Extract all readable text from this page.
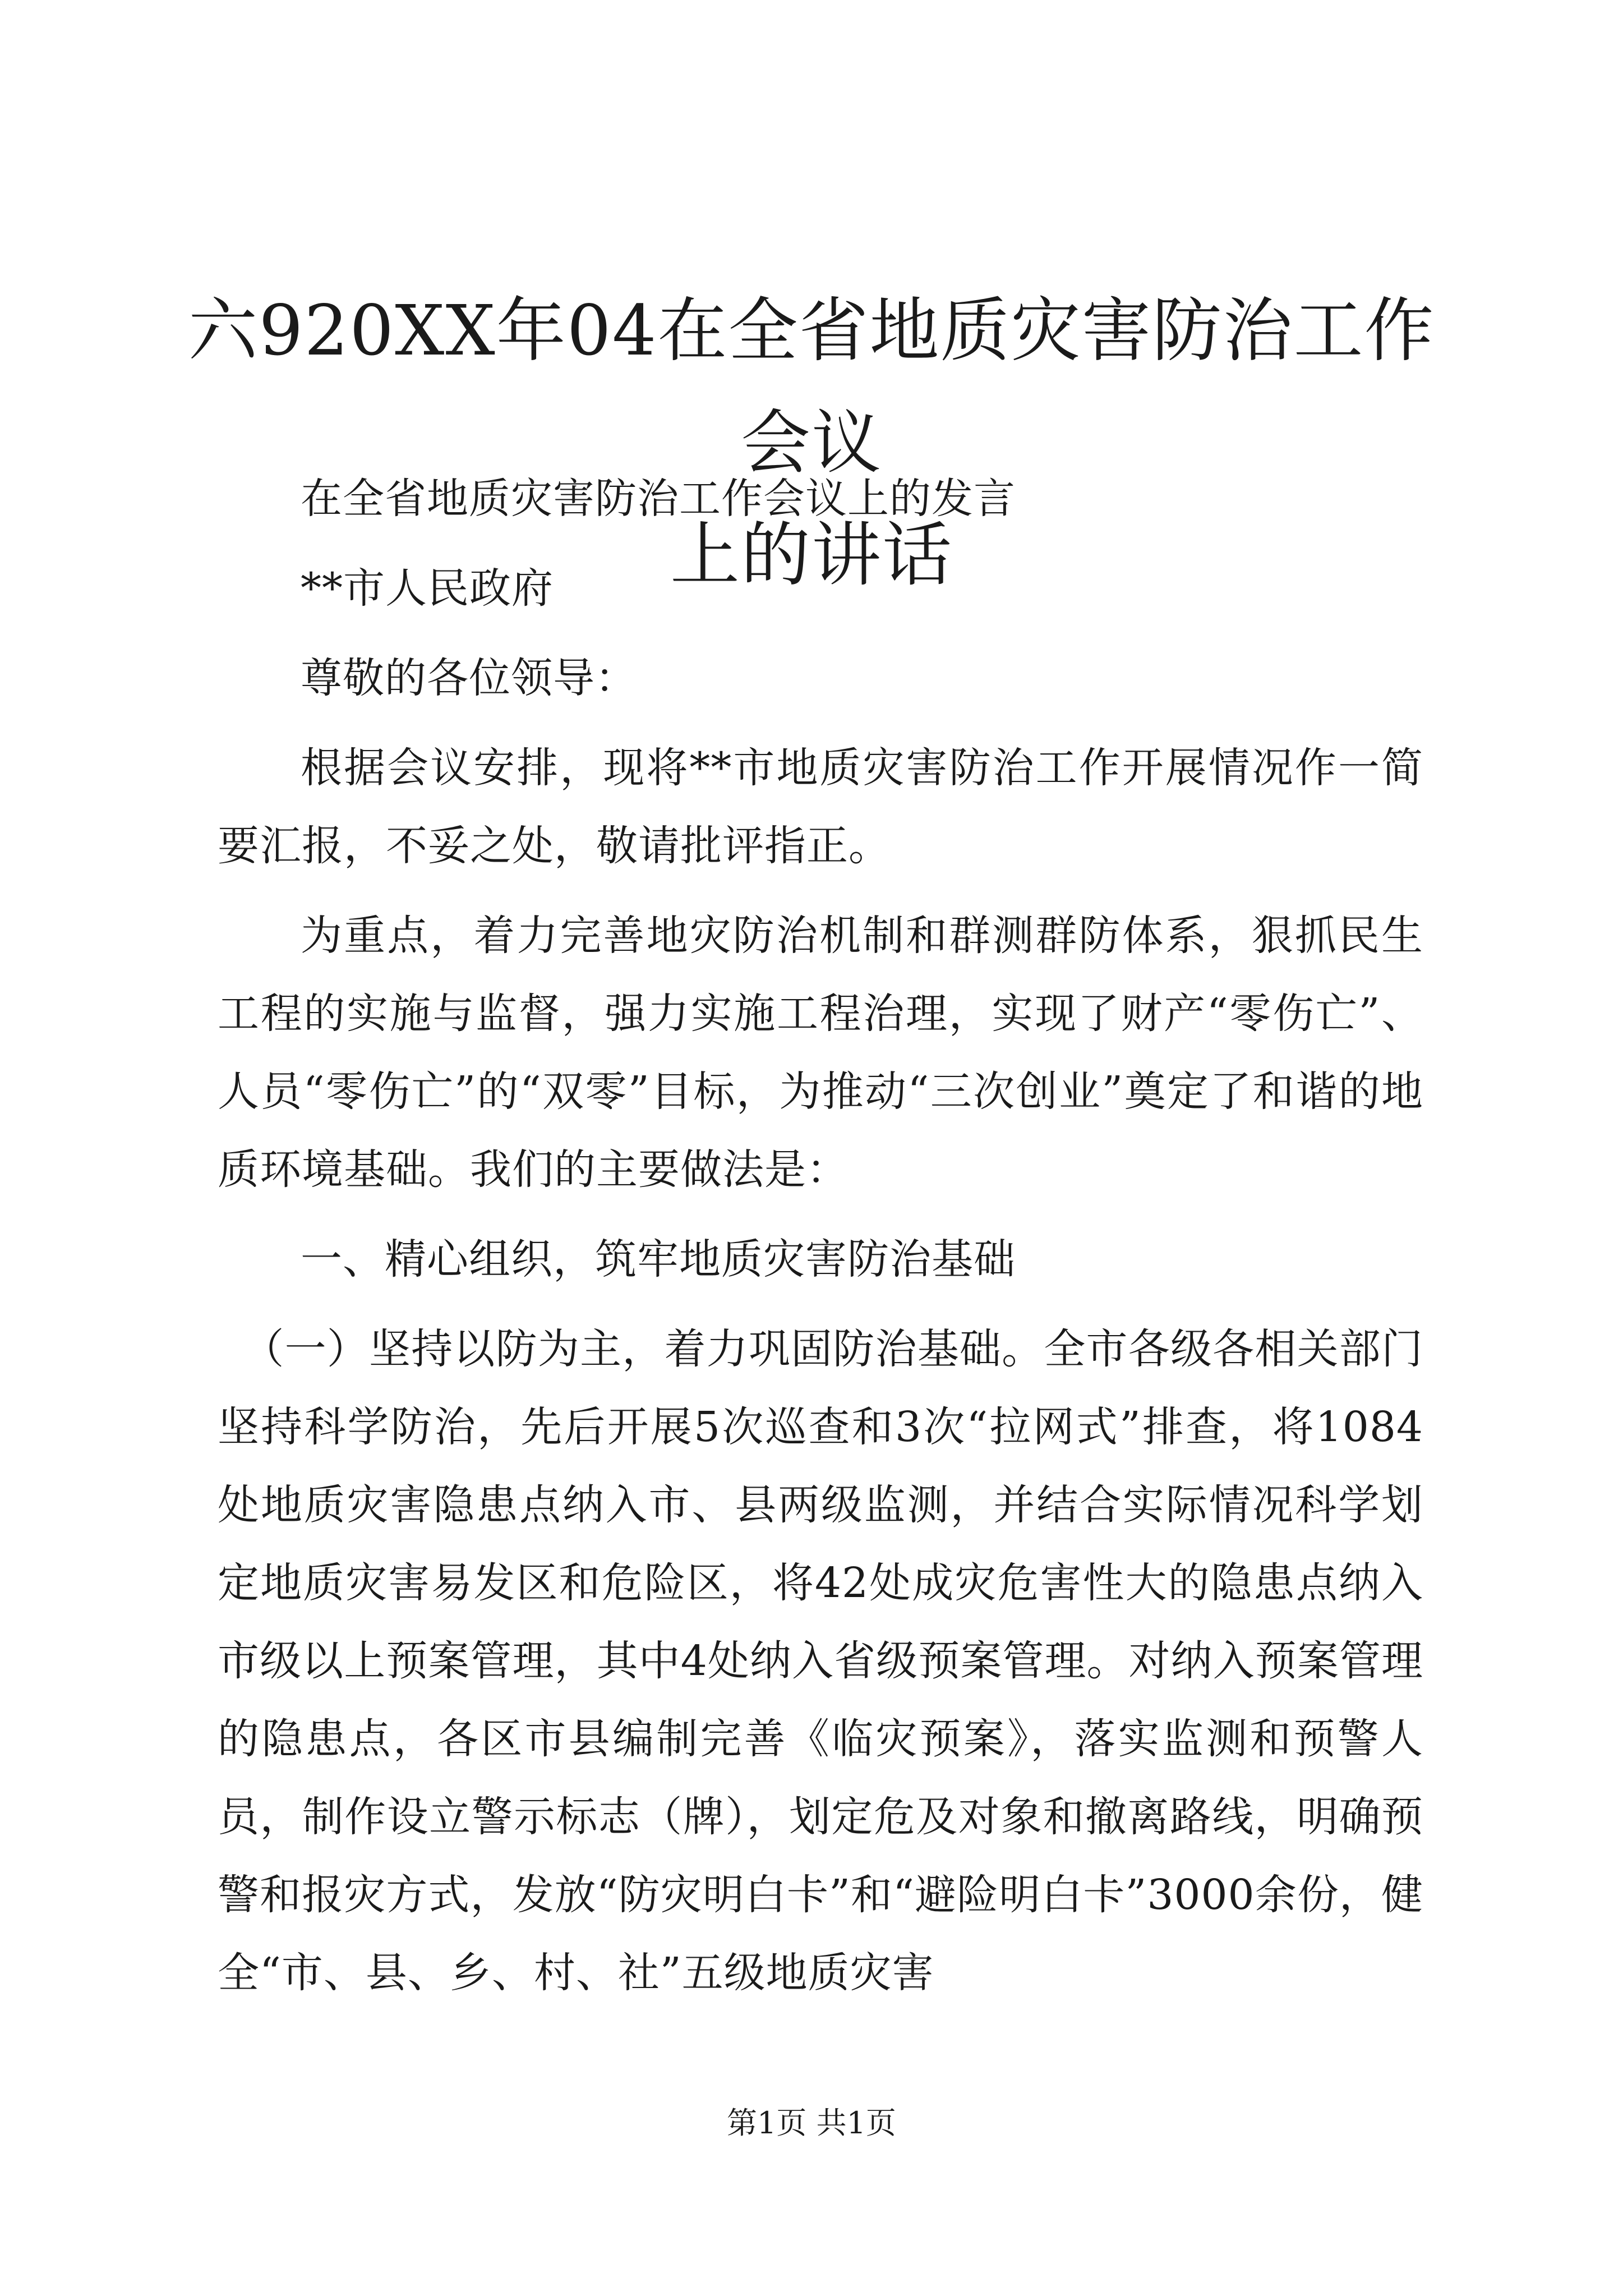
六920XX年04在全省地质灾害防治工作会议
上的讲话

在全省地质灾害防治工作会议上的发言

**市人民政府

尊敬的各位领导：

根据会议安排，现将**市地质灾害防治工作开展情况作一简要汇报，不妥之处，敬请批评指正。

为重点，着力完善地灾防治机制和群测群防体系，狠抓民生工程的实施与监督，强力实施工程治理，实现了财产“零伤亡”、人员“零伤亡”的“双零”目标，为推动“三次创业”奠定了和谐的地质环境基础。我们的主要做法是：

一、精心组织，筑牢地质灾害防治基础

（一）坚持以防为主，着力巩固防治基础。全市各级各相关部门坚持科学防治，先后开展5次巡查和3次“拉网式”排查，将1084处地质灾害隐患点纳入市、县两级监测，并结合实际情况科学划定地质灾害易发区和危险区，将42处成灾危害性大的隐患点纳入市级以上预案管理，其中4处纳入省级预案管理。对纳入预案管理的隐患点，各区市县编制完善《临灾预案》，落实监测和预警人员，制作设立警示标志（牌），划定危及对象和撤离路线，明确预警和报灾方式，发放“防灾明白卡”和“避险明白卡”3000余份，健全“市、县、乡、村、社”五级地质灾害

第1页 共1页
